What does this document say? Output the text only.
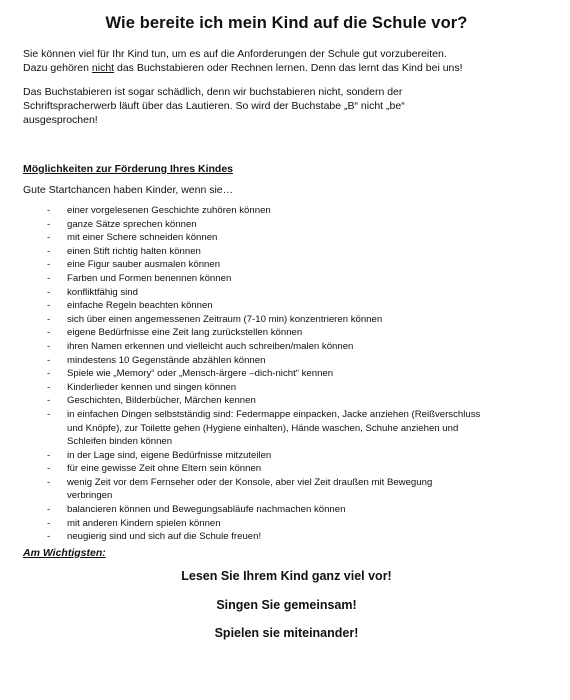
Wie bereite ich mein Kind auf die Schule vor?

Sie können viel für Ihr Kind tun, um es auf die Anforderungen der Schule gut vorzubereiten.
Dazu gehören nicht das Buchstabieren oder Rechnen lernen. Denn das lernt das Kind bei uns!

Das Buchstabieren ist sogar schädlich, denn wir buchstabieren nicht, sondern der
Schriftspracherwerb läuft über das Lautieren. So wird der Buchstabe „B“ nicht „be“
ausgesprochen!

Möglichkeiten zur Förderung Ihres Kindes
Gute Startchancen haben Kinder, wenn sie…
- einer vorgelesenen Geschichte zuhören können
- ganze Sätze sprechen können
- mit einer Schere schneiden können
- einen Stift richtig halten können
- eine Figur sauber ausmalen können
- Farben und Formen benennen können
- konfliktfähig sind
- einfache Regeln beachten können
- sich über einen angemessenen Zeitraum (7-10 min) konzentrieren können
- eigene Bedürfnisse eine Zeit lang zurückstellen können
- ihren Namen erkennen und vielleicht auch schreiben/malen können
- mindestens 10 Gegenstände abzählen können
- Spiele wie „Memory“ oder „Mensch-ärgere –dich-nicht“ kennen
- Kinderlieder kennen und singen können
- Geschichten, Bilderbücher, Märchen kennen
- in einfachen Dingen selbstständig sind: Federmappe einpacken, Jacke anziehen (Reißverschluss
und Knöpfe), zur Toilette gehen (Hygiene einhalten), Hände waschen, Schuhe anziehen und
Schleifen binden können
- in der Lage sind, eigene Bedürfnisse mitzuteilen
- für eine gewisse Zeit ohne Eltern sein können
- wenig Zeit vor dem Fernseher oder der Konsole, aber viel Zeit draußen mit Bewegung
verbringen
- balancieren können und Bewegungsabläufe nachmachen können
- mit anderen Kindern spielen können
- neugierig sind und sich auf die Schule freuen!
Am Wichtigsten:
Lesen Sie Ihrem Kind ganz viel vor!
Singen Sie gemeinsam!
Spielen sie miteinander!
